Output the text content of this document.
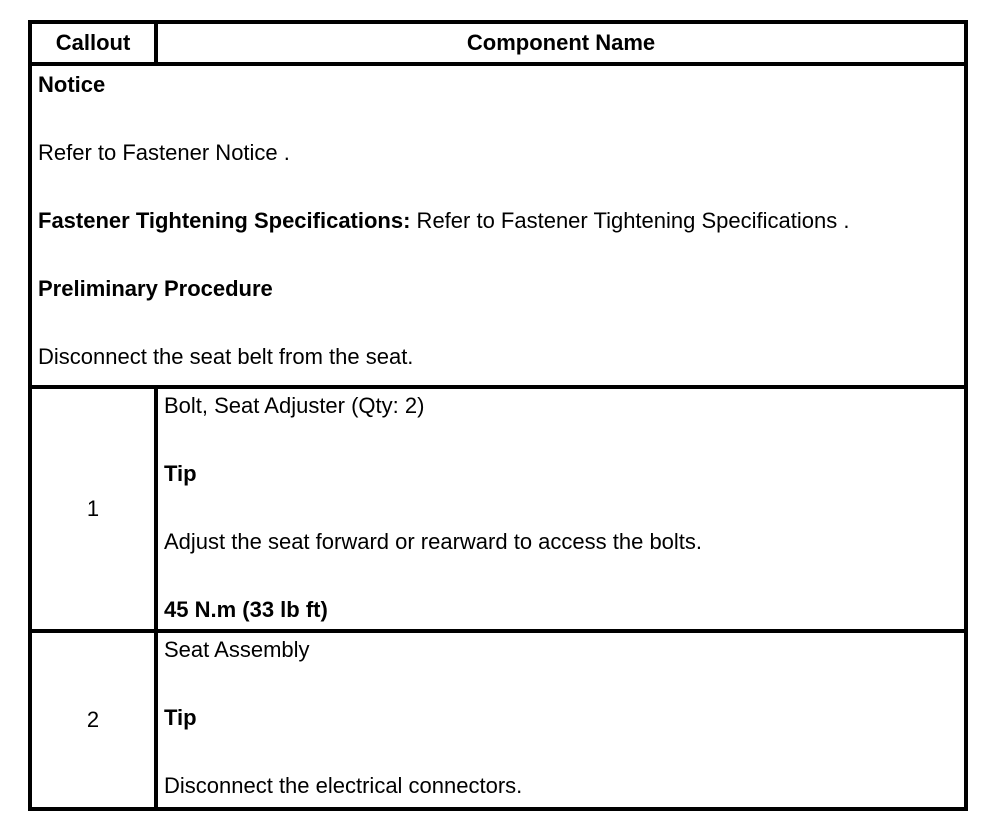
Callout	Component Name

Notice

Refer to Fastener Notice .

Fastener Tightening Specifications: Refer to Fastener Tightening Specifications .

Preliminary Procedure

Disconnect the seat belt from the seat.	

1	Bolt, Seat Adjuster (Qty: 2)

Tip

Adjust the seat forward or rearward to access the bolts.

45 N.m (33 lb ft)

2	Seat Assembly

Tip

Disconnect the electrical connectors.
